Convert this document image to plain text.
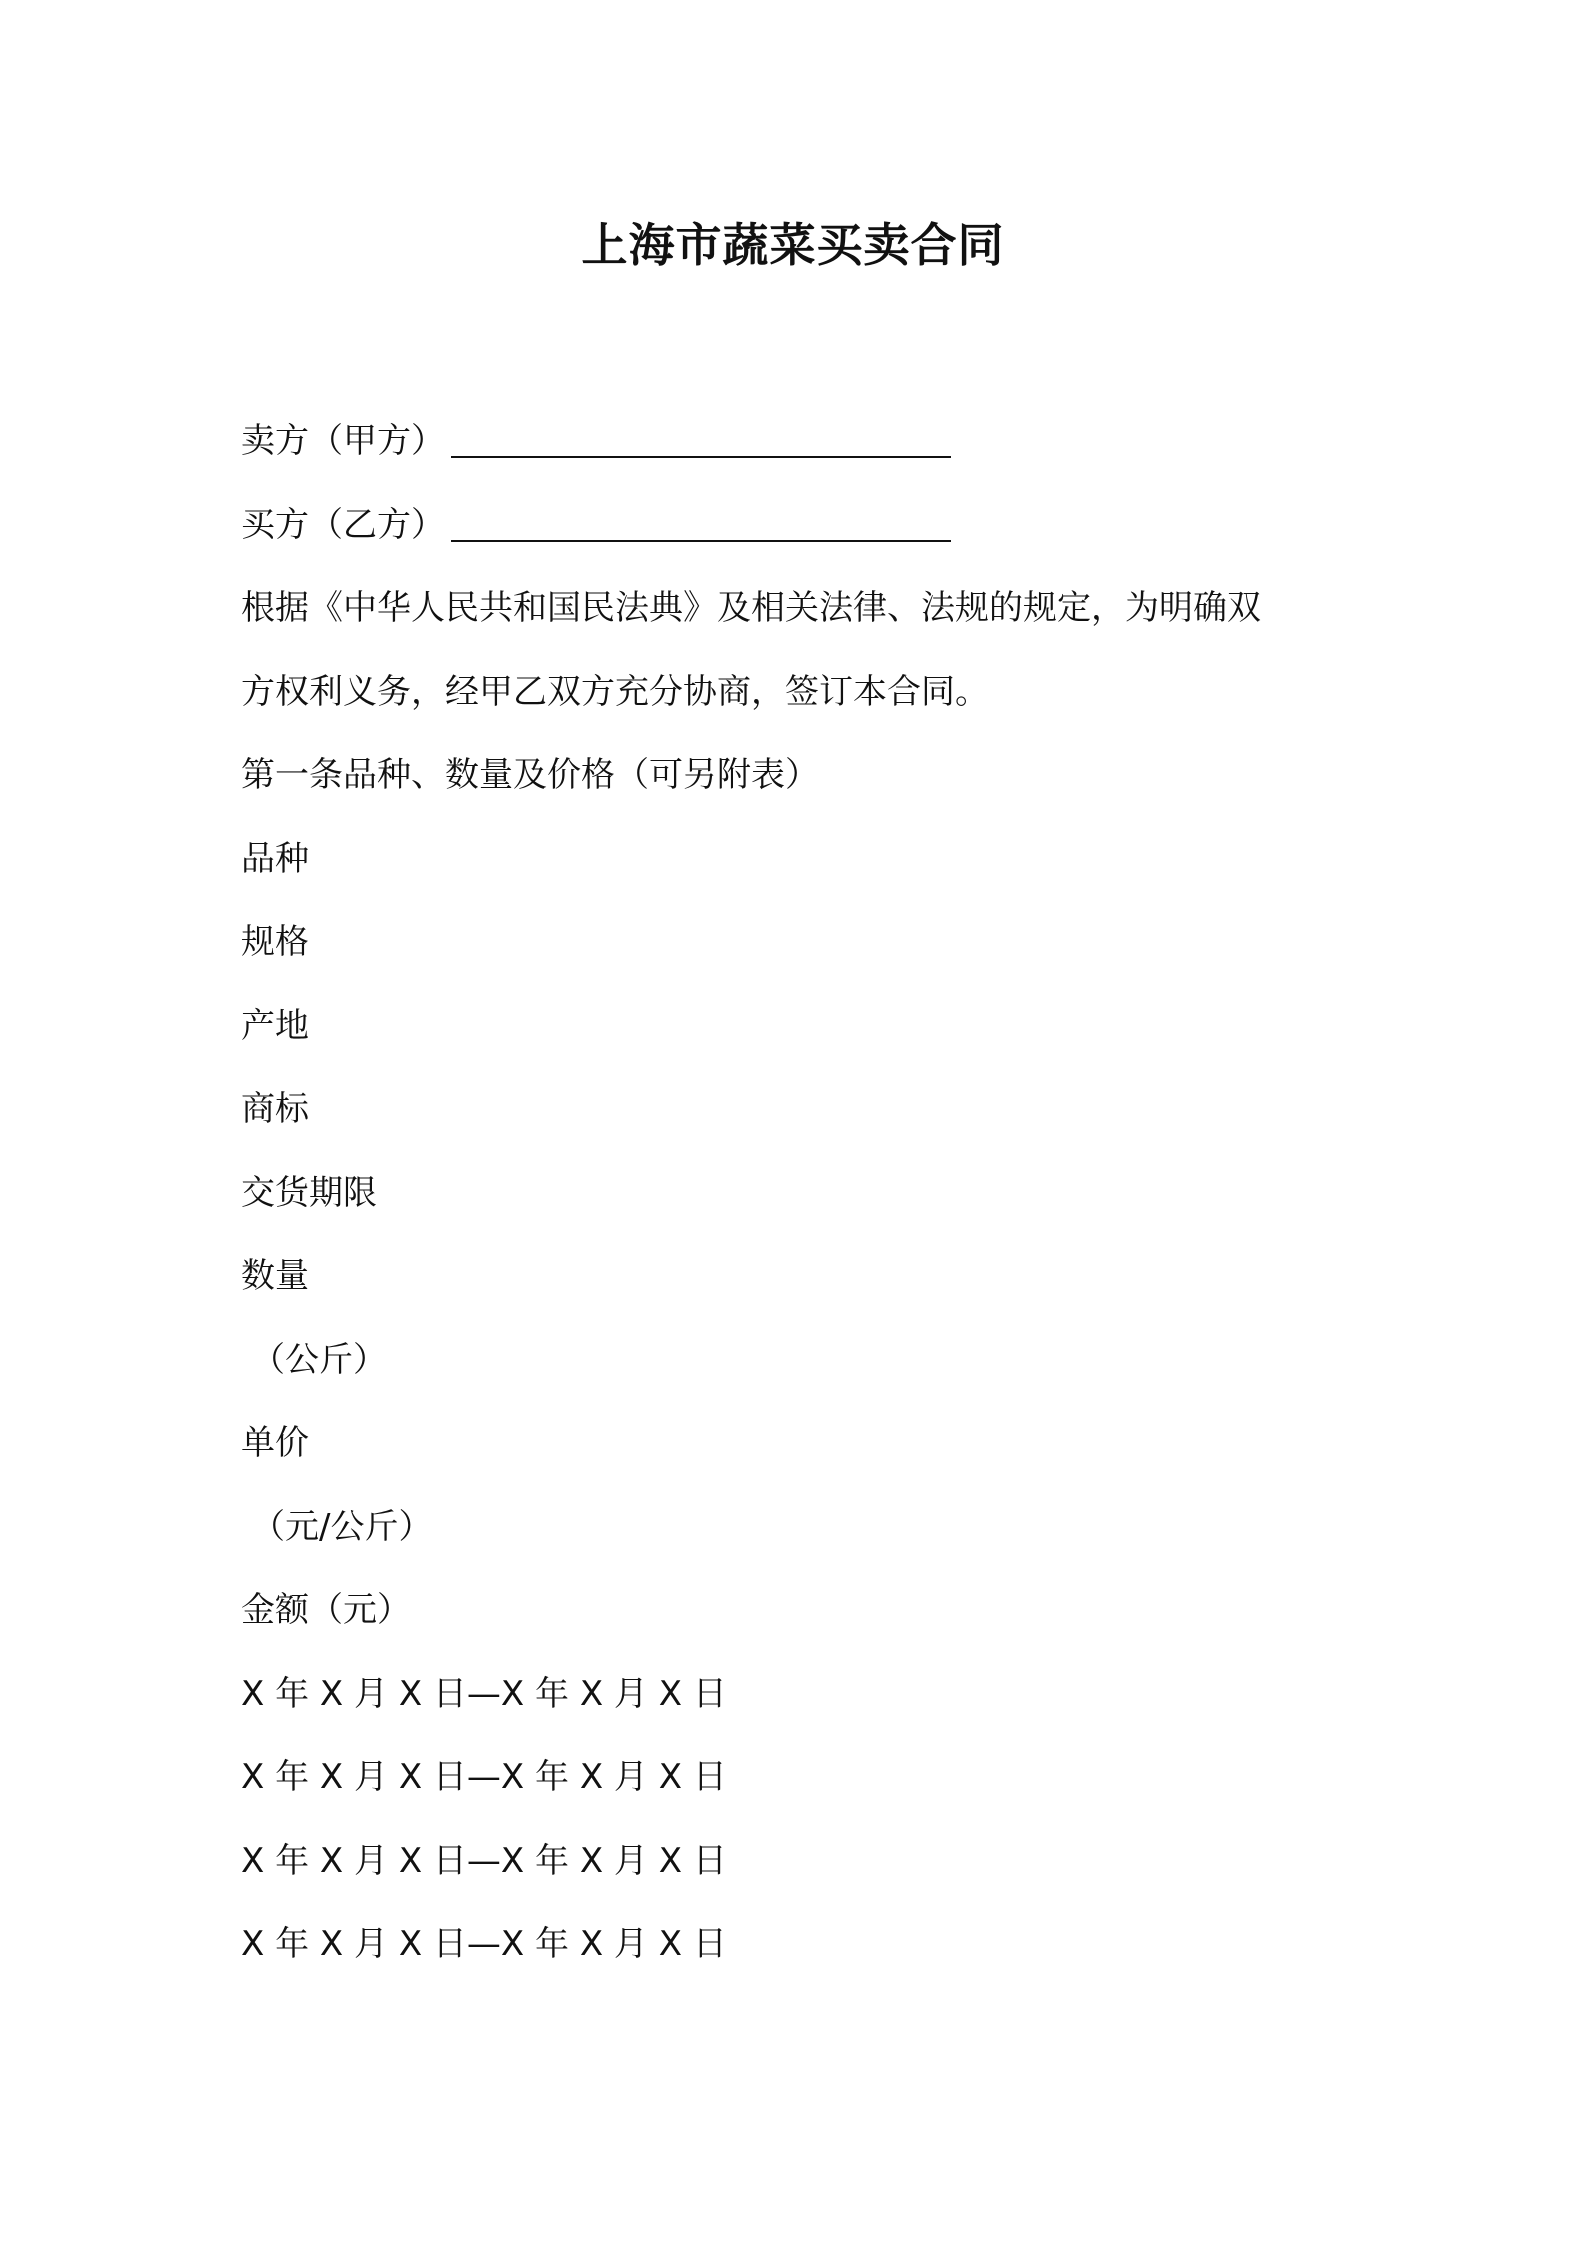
上海市蔬菜买卖合同
卖方（甲方）
买方（乙方）
根据《中华人民共和国民法典》及相关法律、法规的规定，为明确双
方权利义务，经甲乙双方充分协商，签订本合同。
第一条品种、数量及价格（可另附表）
品种
规格
产地
商标
交货期限
数量
（公斤）
单价
（元/公斤）
金额（元）
X 年 X 月 X 日—X 年 X 月 X 日
X 年 X 月 X 日—X 年 X 月 X 日
X 年 X 月 X 日—X 年 X 月 X 日
X 年 X 月 X 日—X 年 X 月 X 日
